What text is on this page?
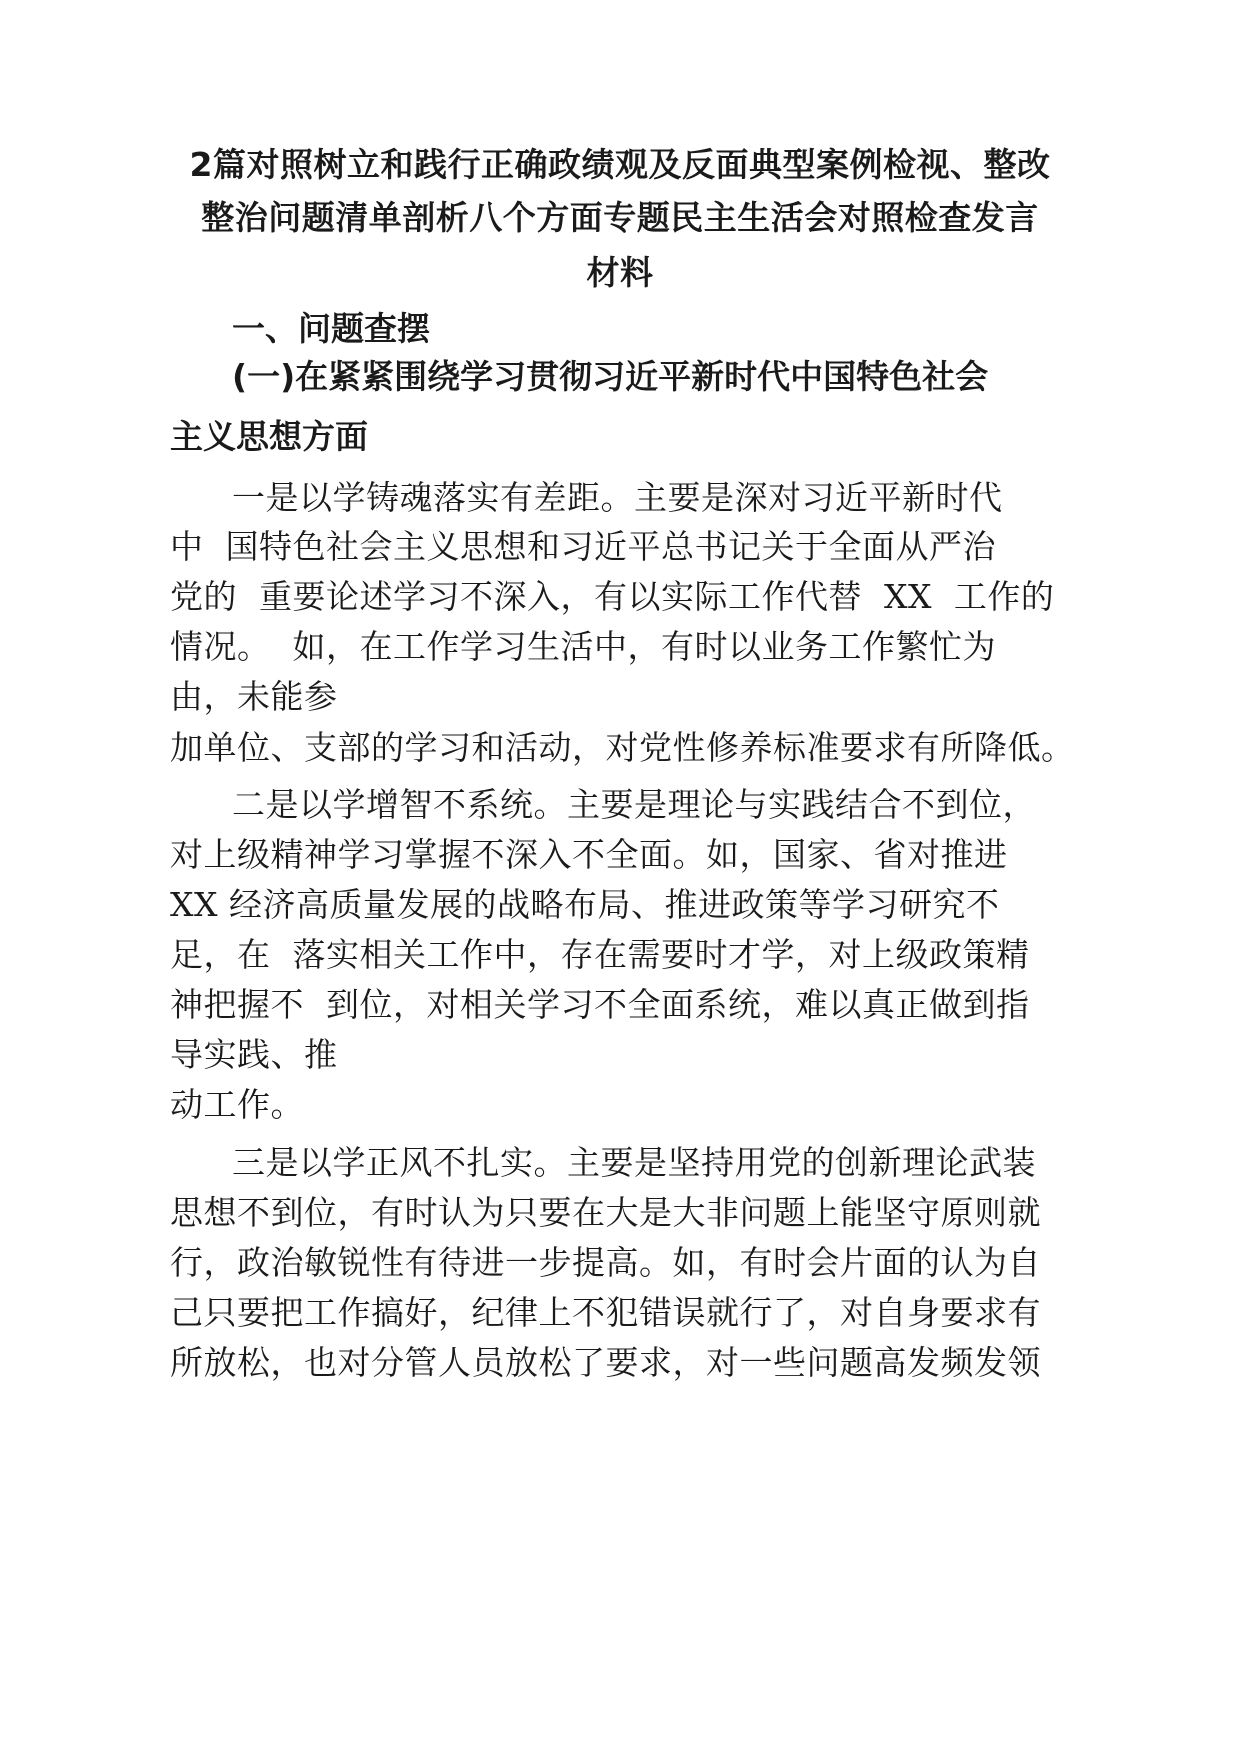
2篇对照树立和践行正确政绩观及反面典型案例检视、整改
整治问题清单剖析八个方面专题民主生活会对照检查发言
材料
一、问题查摆
(一)在紧紧围绕学习贯彻习近平新时代中国特色社会
主义思想方面
一是以学铸魂落实有差距。主要是深对习近平新时代
中  国特色社会主义思想和习近平总书记关于全面从严治
党的  重要论述学习不深入，有以实际工作代替  XX  工作的
情况。  如，在工作学习生活中，有时以业务工作繁忙为
由，未能参
加单位、支部的学习和活动，对党性修养标准要求有所降低。
二是以学增智不系统。主要是理论与实践结合不到位，
对上级精神学习掌握不深入不全面。如，国家、省对推进
XX 经济高质量发展的战略布局、推进政策等学习研究不
足，在  落实相关工作中，存在需要时才学，对上级政策精
神把握不  到位，对相关学习不全面系统，难以真正做到指
导实践、推
动工作。
三是以学正风不扎实。主要是坚持用党的创新理论武装
思想不到位，有时认为只要在大是大非问题上能坚守原则就
行，政治敏锐性有待进一步提高。如，有时会片面的认为自
己只要把工作搞好，纪律上不犯错误就行了，对自身要求有
所放松，也对分管人员放松了要求，对一些问题高发频发领
